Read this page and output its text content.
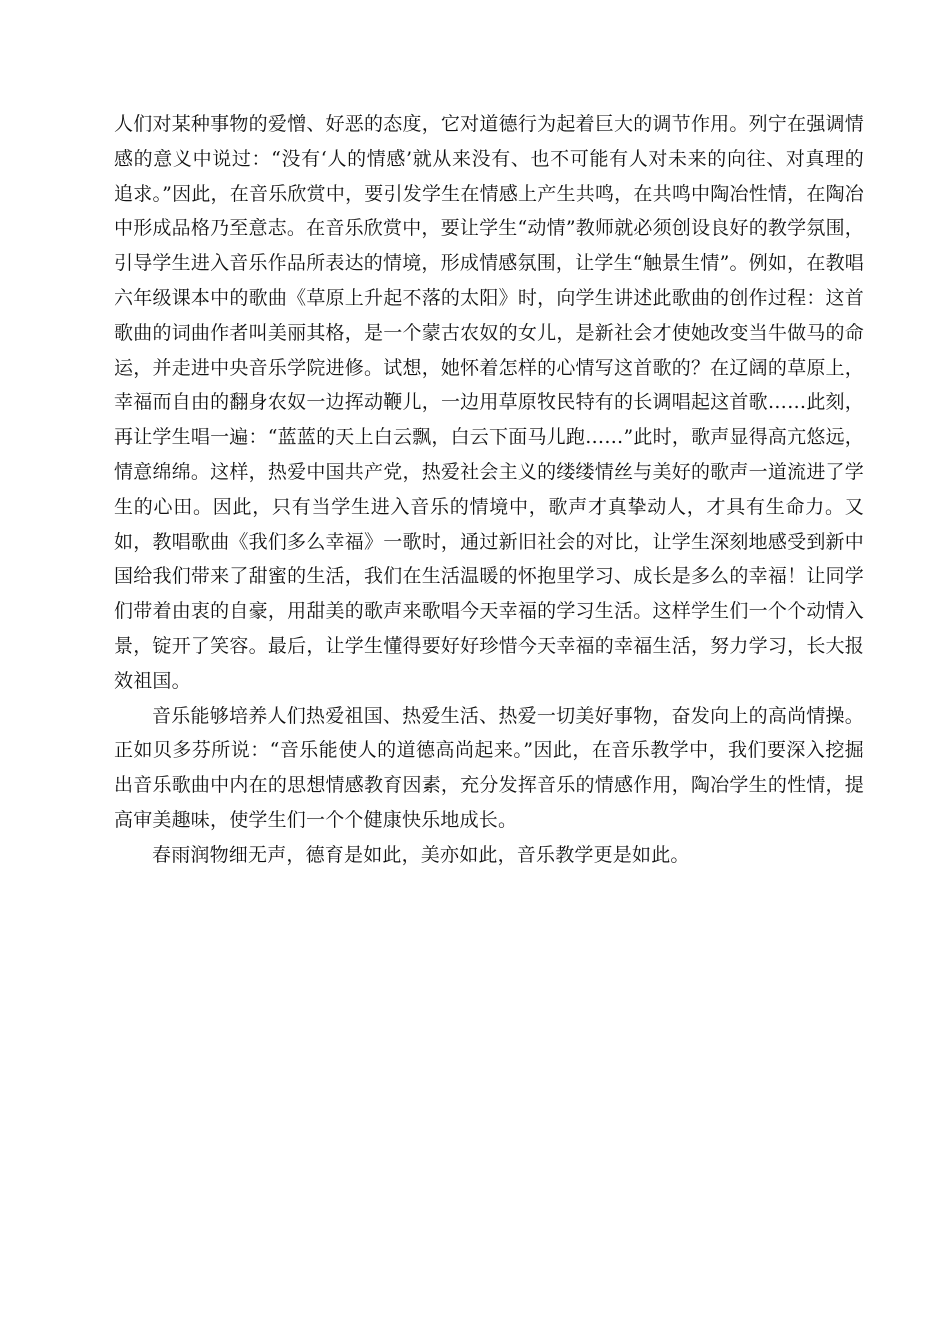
人们对某种事物的爱憎、好恶的态度，它对道德行为起着巨大的调节作用。列宁在强调情感的意义中说过：“没有‘人的情感’就从来没有、也不可能有人对未来的向往、对真理的追求。”因此，在音乐欣赏中，要引发学生在情感上产生共鸣，在共鸣中陶冶性情，在陶冶中形成品格乃至意志。在音乐欣赏中，要让学生“动情”教师就必须创设良好的教学氛围，引导学生进入音乐作品所表达的情境，形成情感氛围，让学生“触景生情”。例如，在教唱六年级课本中的歌曲《草原上升起不落的太阳》时，向学生讲述此歌曲的创作过程：这首歌曲的词曲作者叫美丽其格，是一个蒙古农奴的女儿，是新社会才使她改变当牛做马的命运，并走进中央音乐学院进修。试想，她怀着怎样的心情写这首歌的？在辽阔的草原上，幸福而自由的翻身农奴一边挥动鞭儿，一边用草原牧民特有的长调唱起这首歌……此刻，再让学生唱一遍：“蓝蓝的天上白云飘，白云下面马儿跑……”此时，歌声显得高亢悠远，情意绵绵。这样，热爱中国共产党，热爱社会主义的缕缕情丝与美好的歌声一道流进了学生的心田。因此，只有当学生进入音乐的情境中，歌声才真挚动人，才具有生命力。又如，教唱歌曲《我们多么幸福》一歌时，通过新旧社会的对比，让学生深刻地感受到新中国给我们带来了甜蜜的生活，我们在生活温暖的怀抱里学习、成长是多么的幸福！让同学们带着由衷的自豪，用甜美的歌声来歌唱今天幸福的学习生活。这样学生们一个个动情入景，锭开了笑容。最后，让学生懂得要好好珍惜今天幸福的幸福生活，努力学习，长大报效祖国。

音乐能够培养人们热爱祖国、热爱生活、热爱一切美好事物，奋发向上的高尚情操。正如贝多芬所说：“音乐能使人的道德高尚起来。”因此，在音乐教学中，我们要深入挖掘出音乐歌曲中内在的思想情感教育因素，充分发挥音乐的情感作用，陶冶学生的性情，提高审美趣味，使学生们一个个健康快乐地成长。

春雨润物细无声，德育是如此，美亦如此，音乐教学更是如此。
